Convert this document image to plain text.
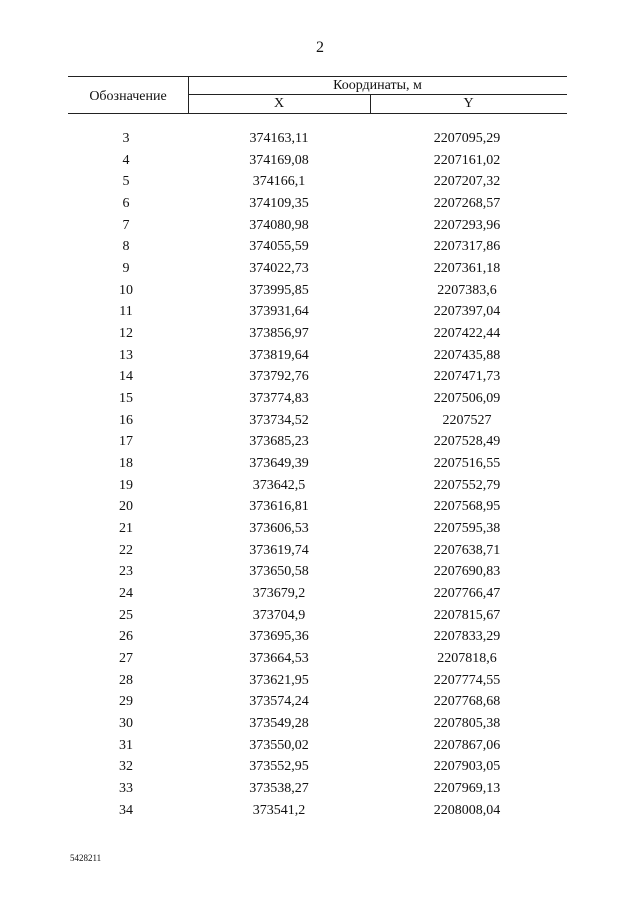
2
Обозначение
Координаты, м
X	Y
3	374163,11	2207095,29
4	374169,08	2207161,02
5	374166,1	2207207,32
6	374109,35	2207268,57
7	374080,98	2207293,96
8	374055,59	2207317,86
9	374022,73	2207361,18
10	373995,85	2207383,6
11	373931,64	2207397,04
12	373856,97	2207422,44
13	373819,64	2207435,88
14	373792,76	2207471,73
15	373774,83	2207506,09
16	373734,52	2207527
17	373685,23	2207528,49
18	373649,39	2207516,55
19	373642,5	2207552,79
20	373616,81	2207568,95
21	373606,53	2207595,38
22	373619,74	2207638,71
23	373650,58	2207690,83
24	373679,2	2207766,47
25	373704,9	2207815,67
26	373695,36	2207833,29
27	373664,53	2207818,6
28	373621,95	2207774,55
29	373574,24	2207768,68
30	373549,28	2207805,38
31	373550,02	2207867,06
32	373552,95	2207903,05
33	373538,27	2207969,13
34	373541,2	2208008,04
5428211
